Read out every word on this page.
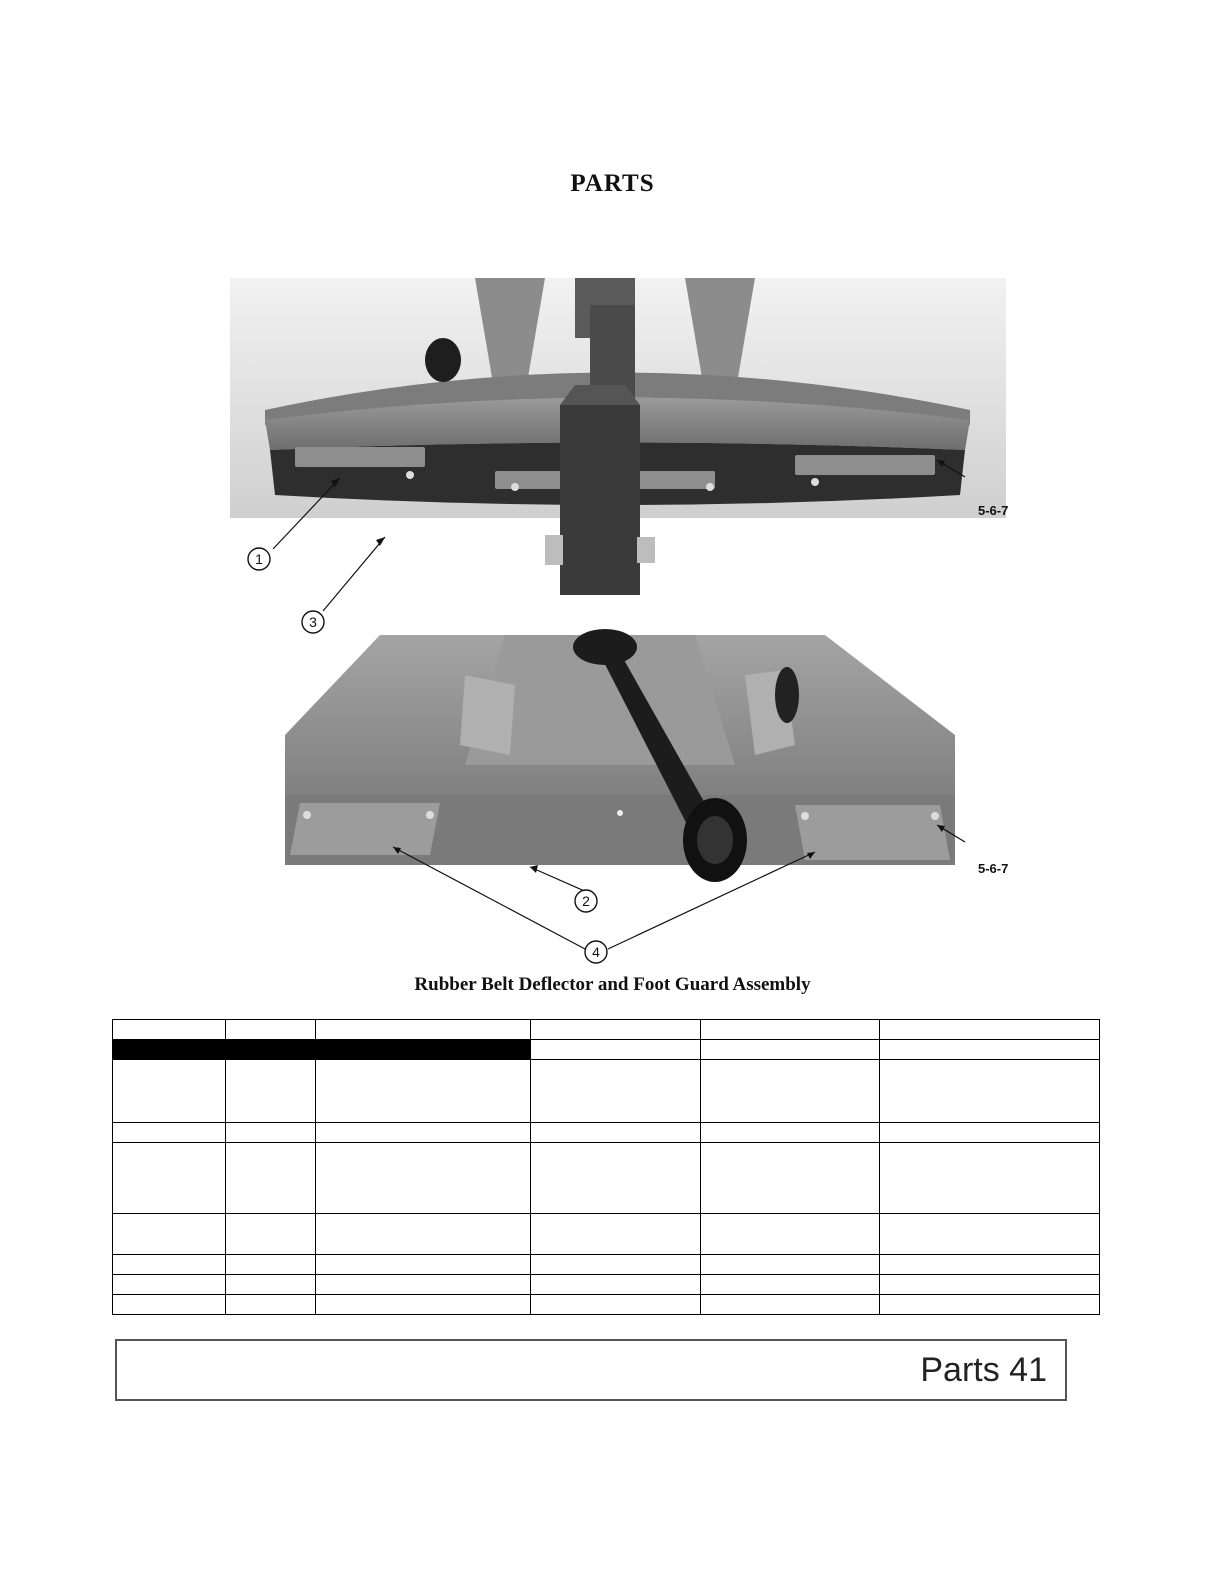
PARTS
1
3
2
4
5-6-7
5-6-7
Rubber Belt Deflector and Foot Guard Assembly

Parts 41
